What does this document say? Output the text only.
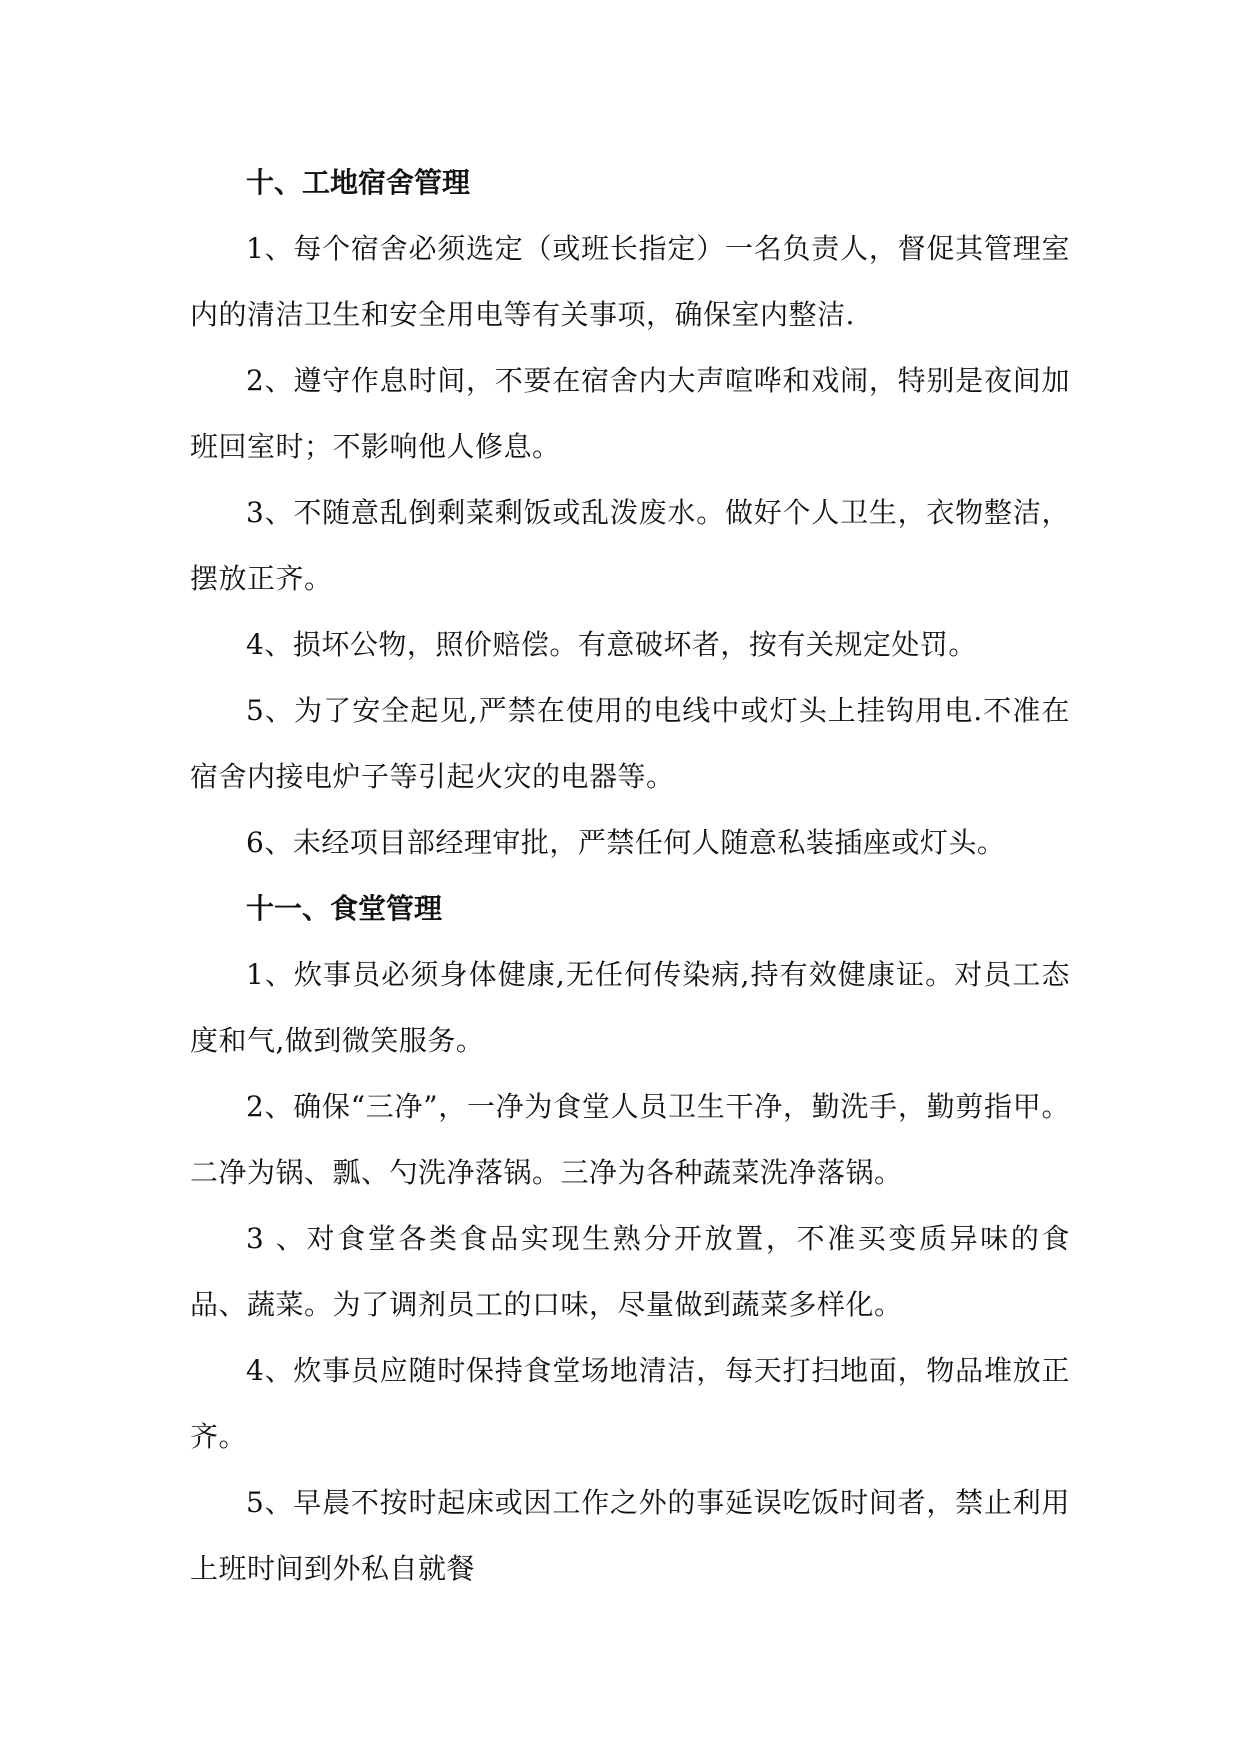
十、工地宿舍管理

1、每个宿舍必须选定（或班长指定）一名负责人，督促其管理室内的清洁卫生和安全用电等有关事项，确保室内整洁.

2、遵守作息时间，不要在宿舍内大声喧哗和戏闹，特别是夜间加班回室时；不影响他人修息。

3、不随意乱倒剩菜剩饭或乱泼废水。做好个人卫生，衣物整洁，摆放正齐。

4、损坏公物，照价赔偿。有意破坏者，按有关规定处罚。

5、为了安全起见,严禁在使用的电线中或灯头上挂钩用电.不准在宿舍内接电炉子等引起火灾的电器等。

6、未经项目部经理审批，严禁任何人随意私装插座或灯头。

十一、食堂管理

1、炊事员必须身体健康,无任何传染病,持有效健康证。对员工态度和气,做到微笑服务。

2、确保“三净”，一净为食堂人员卫生干净，勤洗手，勤剪指甲。二净为锅、瓢、勺洗净落锅。三净为各种蔬菜洗净落锅。

3 、对食堂各类食品实现生熟分开放置，不准买变质异味的食品、蔬菜。为了调剂员工的口味，尽量做到蔬菜多样化。

4、炊事员应随时保持食堂场地清洁，每天打扫地面，物品堆放正齐。

5、早晨不按时起床或因工作之外的事延误吃饭时间者，禁止利用上班时间到外私自就餐
